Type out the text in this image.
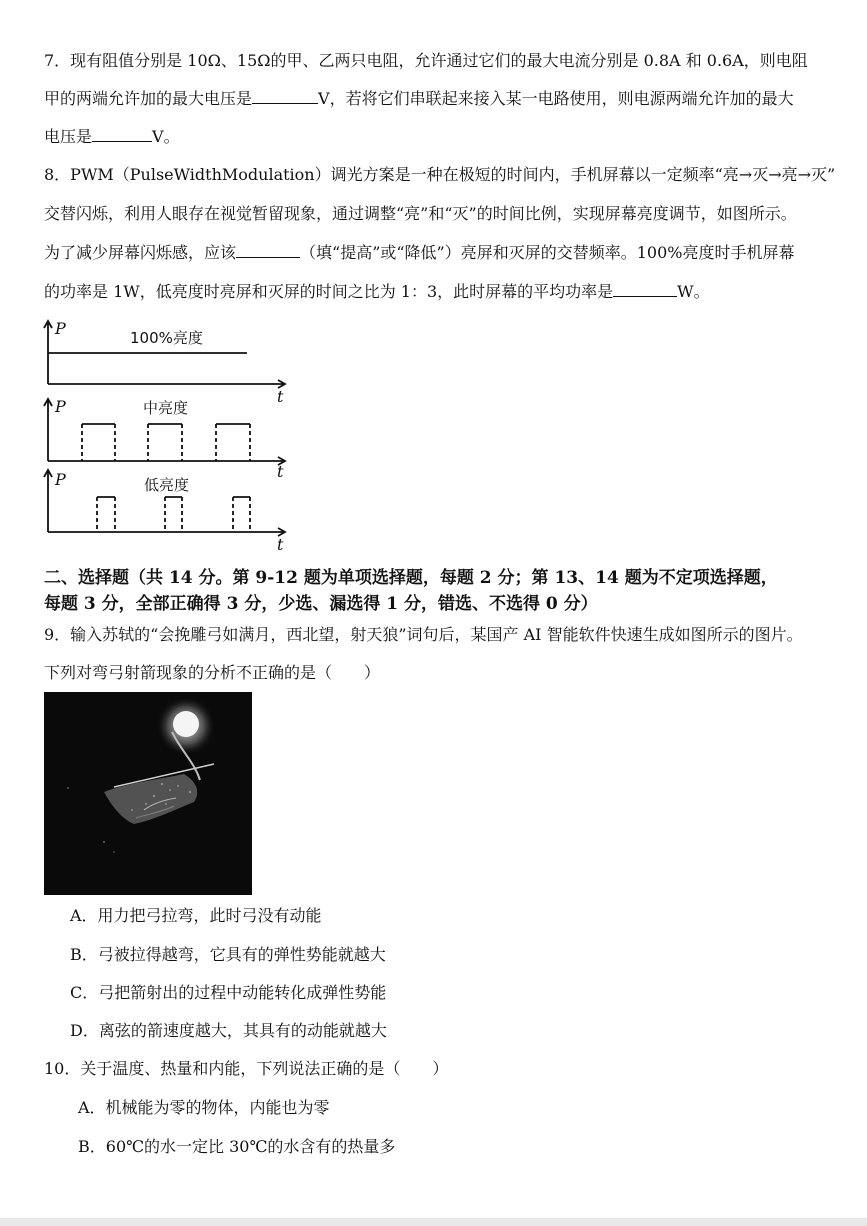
7．现有阻值分别是 10Ω、15Ω的甲、乙两只电阻，允许通过它们的最大电流分别是 0.8A 和 0.6A，则电阻
甲的两端允许加的最大电压是	V，若将它们串联起来接入某一电路使用，则电源两端允许加的最大
电压是	V。
8．PWM（PulseWidthModulation）调光方案是一种在极短的时间内，手机屏幕以一定频率“亮→灭→亮→灭”
交替闪烁，利用人眼存在视觉暂留现象，通过调整“亮”和“灭”的时间比例，实现屏幕亮度调节，如图所示。
为了减少屏幕闪烁感，应该	（填“提高”或“降低”）亮屏和灭屏的交替频率。100%亮度时手机屏幕
的功率是 1W，低亮度时亮屏和灭屏的时间之比为 1：3，此时屏幕的平均功率是	W。
P
t
P
t
P
t
100%亮度
中亮度
低亮度
二、选择题（共 14 分。第 9-12 题为单项选择题，每题 2 分；第 13、14 题为不定项选择题，
每题 3 分，全部正确得 3 分，少选、漏选得 1 分，错选、不选得 0 分）
9．输入苏轼的“会挽雕弓如满月，西北望，射天狼”词句后，某国产 AI 智能软件快速生成如图所示的图片。
下列对弯弓射箭现象的分析不正确的是（　　）
A．用力把弓拉弯，此时弓没有动能
B．弓被拉得越弯，它具有的弹性势能就越大
C．弓把箭射出的过程中动能转化成弹性势能
D．离弦的箭速度越大，其具有的动能就越大
10．关于温度、热量和内能，下列说法正确的是（　　）
A．机械能为零的物体，内能也为零
B．60℃的水一定比 30℃的水含有的热量多
